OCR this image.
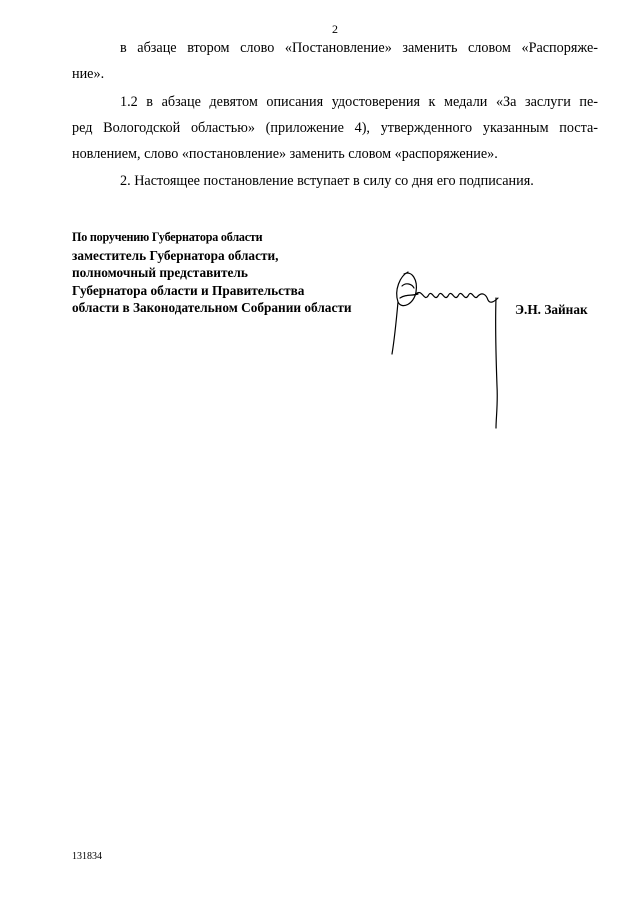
2
в абзаце втором слово «Постановление» заменить словом «Распоряже-
ние».
1.2 в абзаце девятом описания удостоверения к медали «За заслуги пе-
ред Вологодской областью» (приложение 4), утвержденного указанным поста-
новлением, слово «постановление» заменить словом «распоряжение».
2. Настоящее постановление вступает в силу со дня его подписания.
По поручению Губернатора области
заместитель Губернатора области,
полномочный представитель
Губернатора области и Правительства
области в Законодательном Собрании области	Э.Н. Зайнак
131834
